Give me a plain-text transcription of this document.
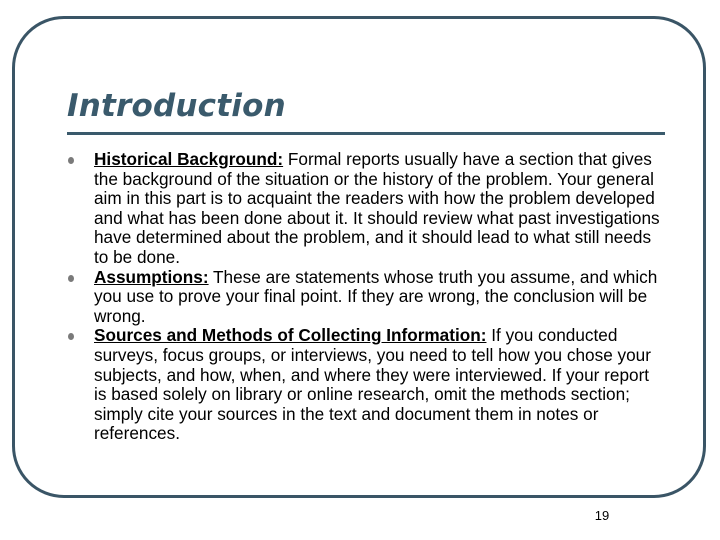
Introduction
Historical Background: Formal reports usually have a section that gives the background of the situation or the history of the problem. Your general aim in this part is to acquaint the readers with how the problem developed and what has been done about it. It should review what past investigations have determined about the problem, and it should lead to what still needs to be done.
Assumptions: These are statements whose truth you assume, and which you use to prove your final point. If they are wrong, the conclusion will be wrong.
Sources and Methods of Collecting Information: If you conducted surveys, focus groups, or interviews, you need to tell how you chose your subjects, and how, when, and where they were interviewed. If your report is based solely on library or online research, omit the methods section; simply cite your sources in the text and document them in notes or references.
19
